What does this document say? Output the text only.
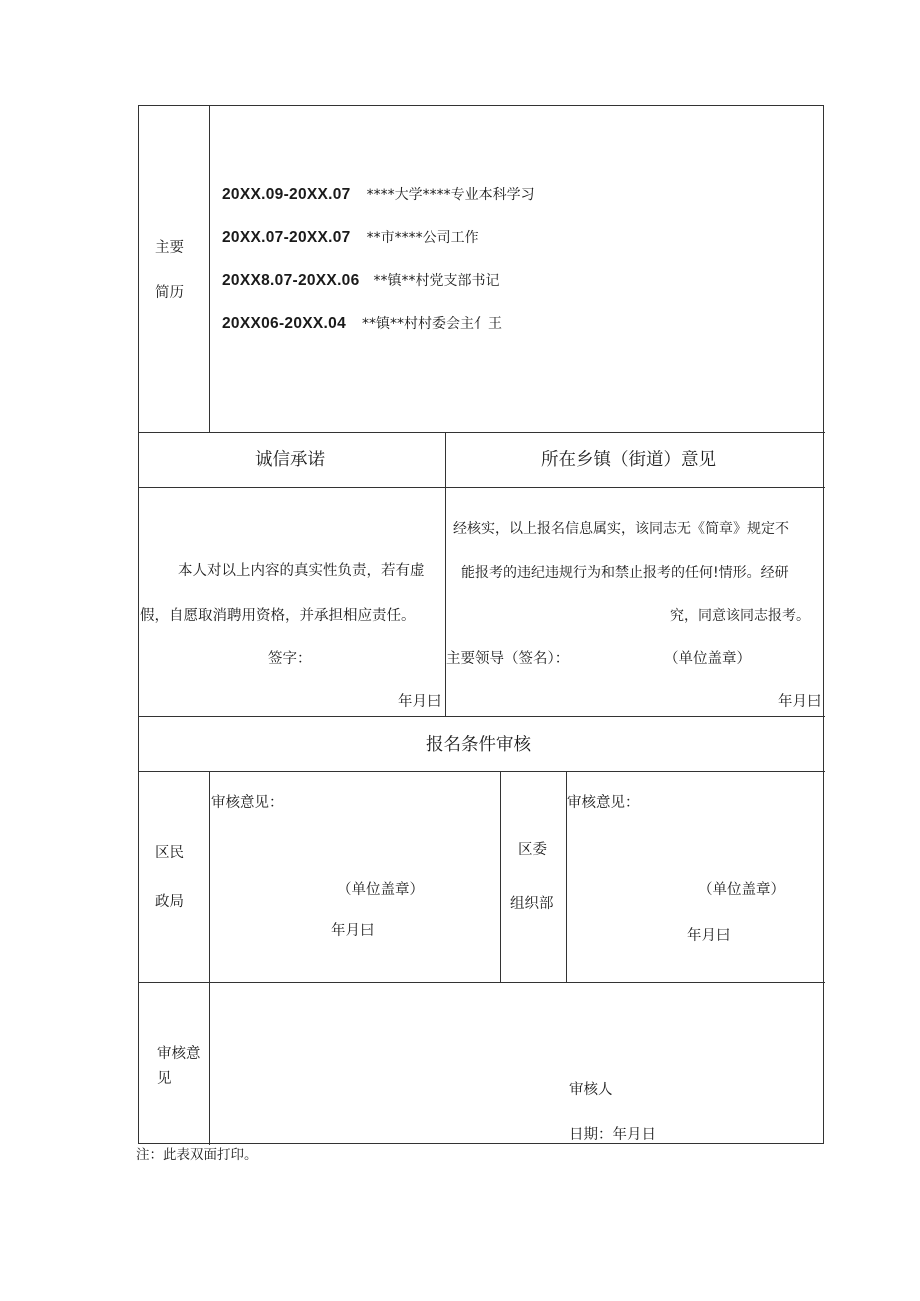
主要
简历
20XX.09-20XX.07 ****大学****专业本科学习
20XX.07-20XX.07 **市****公司工作
20XX8.07-20XX.06 **镇**村党支部书记
20XX06-20XX.04 **镇**村村委会主亻王
诚信承诺	所在乡镇（街道）意见
本人对以上内容的真实性负责，若有虚
假，自愿取消聘用资格，并承担相应责任。
签字：
年月曰
经核实，以上报名信息属实，该同志无《简章》规定不
能报考的违纪违规行为和禁止报考的任何!情形。经研
究，同意该同志报考。
主要领导（签名）：	（单位盖章）
年月曰
报名条件审核
区民
政局
审核意见：
（单位盖章）
年月曰
区委
组织部
审核意见：
（单位盖章）
年月曰
审核意
见
审核人
日期：年月日
注：此表双面打印。
